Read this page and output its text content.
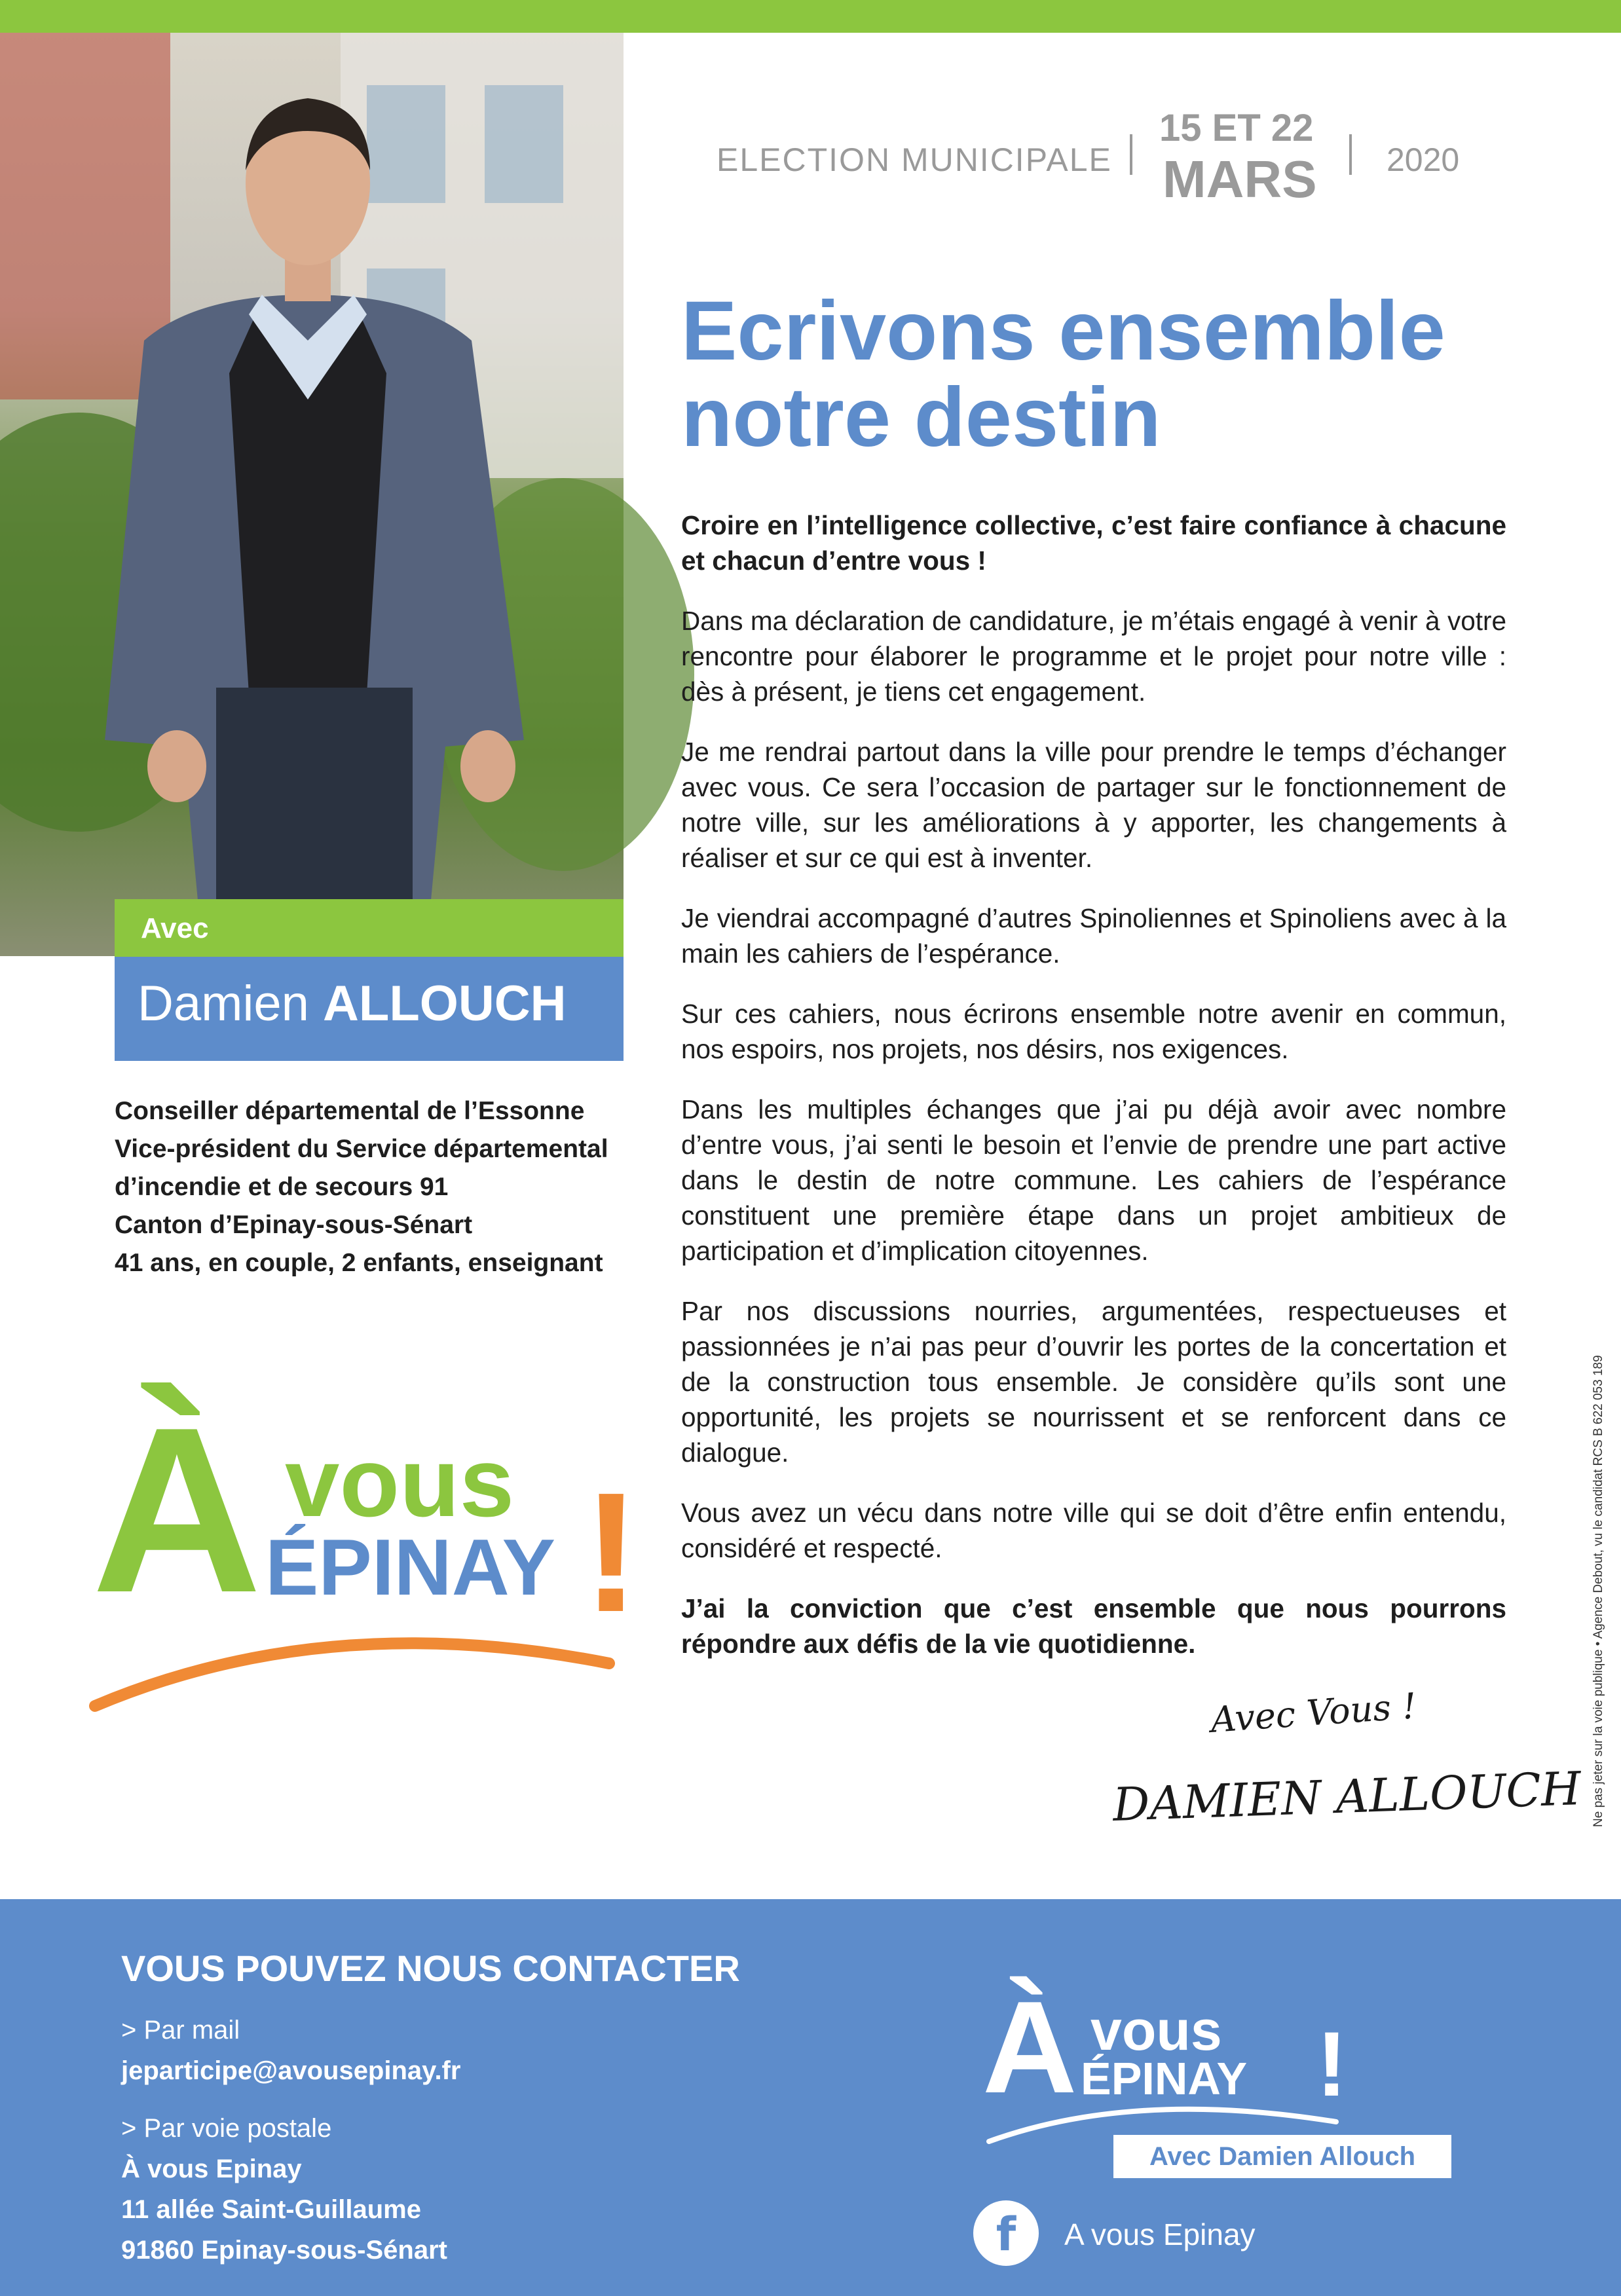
Avec
Damien ALLOUCH
Conseiller départemental de l’Essonne
Vice-président du Service départemental
d’incendie et de secours 91
Canton d’Epinay-sous-Sénart
41 ans, en couple, 2 enfants, enseignant
À vous
ÉPINAY !
ELECTION MUNICIPALE
15 ET 22
MARS 2020
Ecrivons ensemble
notre destin

Croire en l’intelligence collective, c’est faire confiance à chacune et chacun d’entre vous !

Dans ma déclaration de candidature, je m’étais engagé à venir à votre rencontre pour élaborer le programme et le projet pour notre ville : dès à présent, je tiens cet engagement.

Je me rendrai partout dans la ville pour prendre le temps d’échanger avec vous. Ce sera l’occasion de partager sur le fonctionnement de notre ville, sur les améliorations à y apporter, les changements à réaliser et sur ce qui est à inventer.

Je viendrai accompagné d’autres Spinoliennes et Spinoliens avec à la main les cahiers de l’espérance.

Sur ces cahiers, nous écrirons ensemble notre avenir en commun, nos espoirs, nos projets, nos désirs, nos exigences.

Dans les multiples échanges que j’ai pu déjà avoir avec nombre d’entre vous, j’ai senti le besoin et l’envie de prendre une part active dans le destin de notre commune. Les cahiers de l’espérance constituent une première étape dans un projet ambitieux de participation et d’implication citoyennes.

Par nos discussions nourries, argumentées, respectueuses et passionnées je n’ai pas peur d’ouvrir les portes de la concertation et de la construction tous ensemble. Je considère qu’ils sont une opportunité, les projets se nourrissent et se renforcent dans ce dialogue.

Vous avez un vécu dans notre ville qui se doit d’être enfin entendu, considéré et respecté.

J’ai la conviction que c’est ensemble que nous pourrons répondre aux défis de la vie quotidienne.

Avec Vous !
DAMIEN ALLOUCH Ne pas jeter sur la voie publique • Agence Debout, vu le candidat RCS B 622 053 189
VOUS POUVEZ NOUS CONTACTER
> Par mail
jeparticipe@avousepinay.fr
> Par voie postale
À vous Epinay
11 allée Saint-Guillaume
91860 Epinay-sous-Sénart
À vous
ÉPINAY !
Avec Damien Allouch
f	A vous Epinay
